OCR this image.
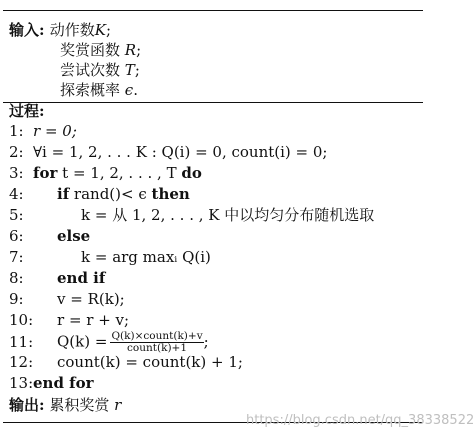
输入: 动作数K;
奖赏函数 R;
尝试次数 T;
探索概率 ϵ.
过程:
1: r = 0;
2: ∀i = 1, 2, . . . K : Q(i) = 0, count(i) = 0;
3: for t = 1, 2, . . . , T do
4: if rand()< ϵ then
5:	k = 从 1, 2, . . . , K 中以均匀分布随机选取
6: else
7:	k = arg maxᵢ Q(i)
8: end if
9: v = R(k);
10: r = r + v;
11: $Q(k) = \frac{\text{Q(k)×count(k)+v}}{\text{count(k)+1}}$ ;
12: count(k) = count(k) + 1;
13:end for
输出: 累积奖赏 r
https://blog.csdn.net/qq_38338522
